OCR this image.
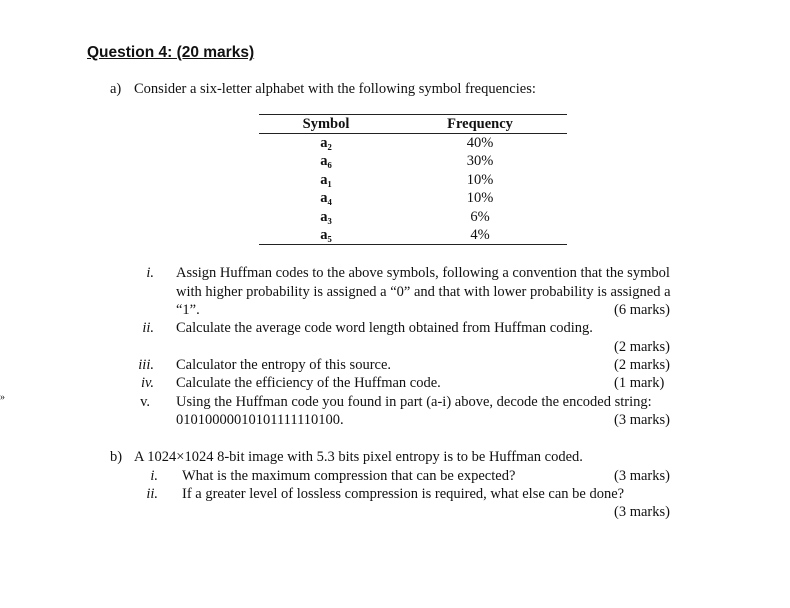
Question 4: (20 marks)
»
a) Consider a six-letter alphabet with the following symbol frequencies:
Symbol	Frequency
a₂	40%
a₆	30%
a₁	10%
a₄	10%
a₃	6%
a₅	4%
i. Assign Huffman codes to the above symbols, following a convention that the symbol
with higher probability is assigned a “0” and that with lower probability is assigned a
“1”.	(6 marks)
ii. Calculate the average code word length obtained from Huffman coding.
(2 marks)
iii. Calculator the entropy of this source.	(2 marks)
iv. Calculate the efficiency of the Huffman code.	(1 mark)
v. Using the Huffman code you found in part (a-i) above, decode the encoded string:
01010000010101111110100.	(3 marks)
b) A 1024×1024 8-bit image with 5.3 bits pixel entropy is to be Huffman coded.
i. What is the maximum compression that can be expected?	(3 marks)
ii. If a greater level of lossless compression is required, what else can be done?
(3 marks)
